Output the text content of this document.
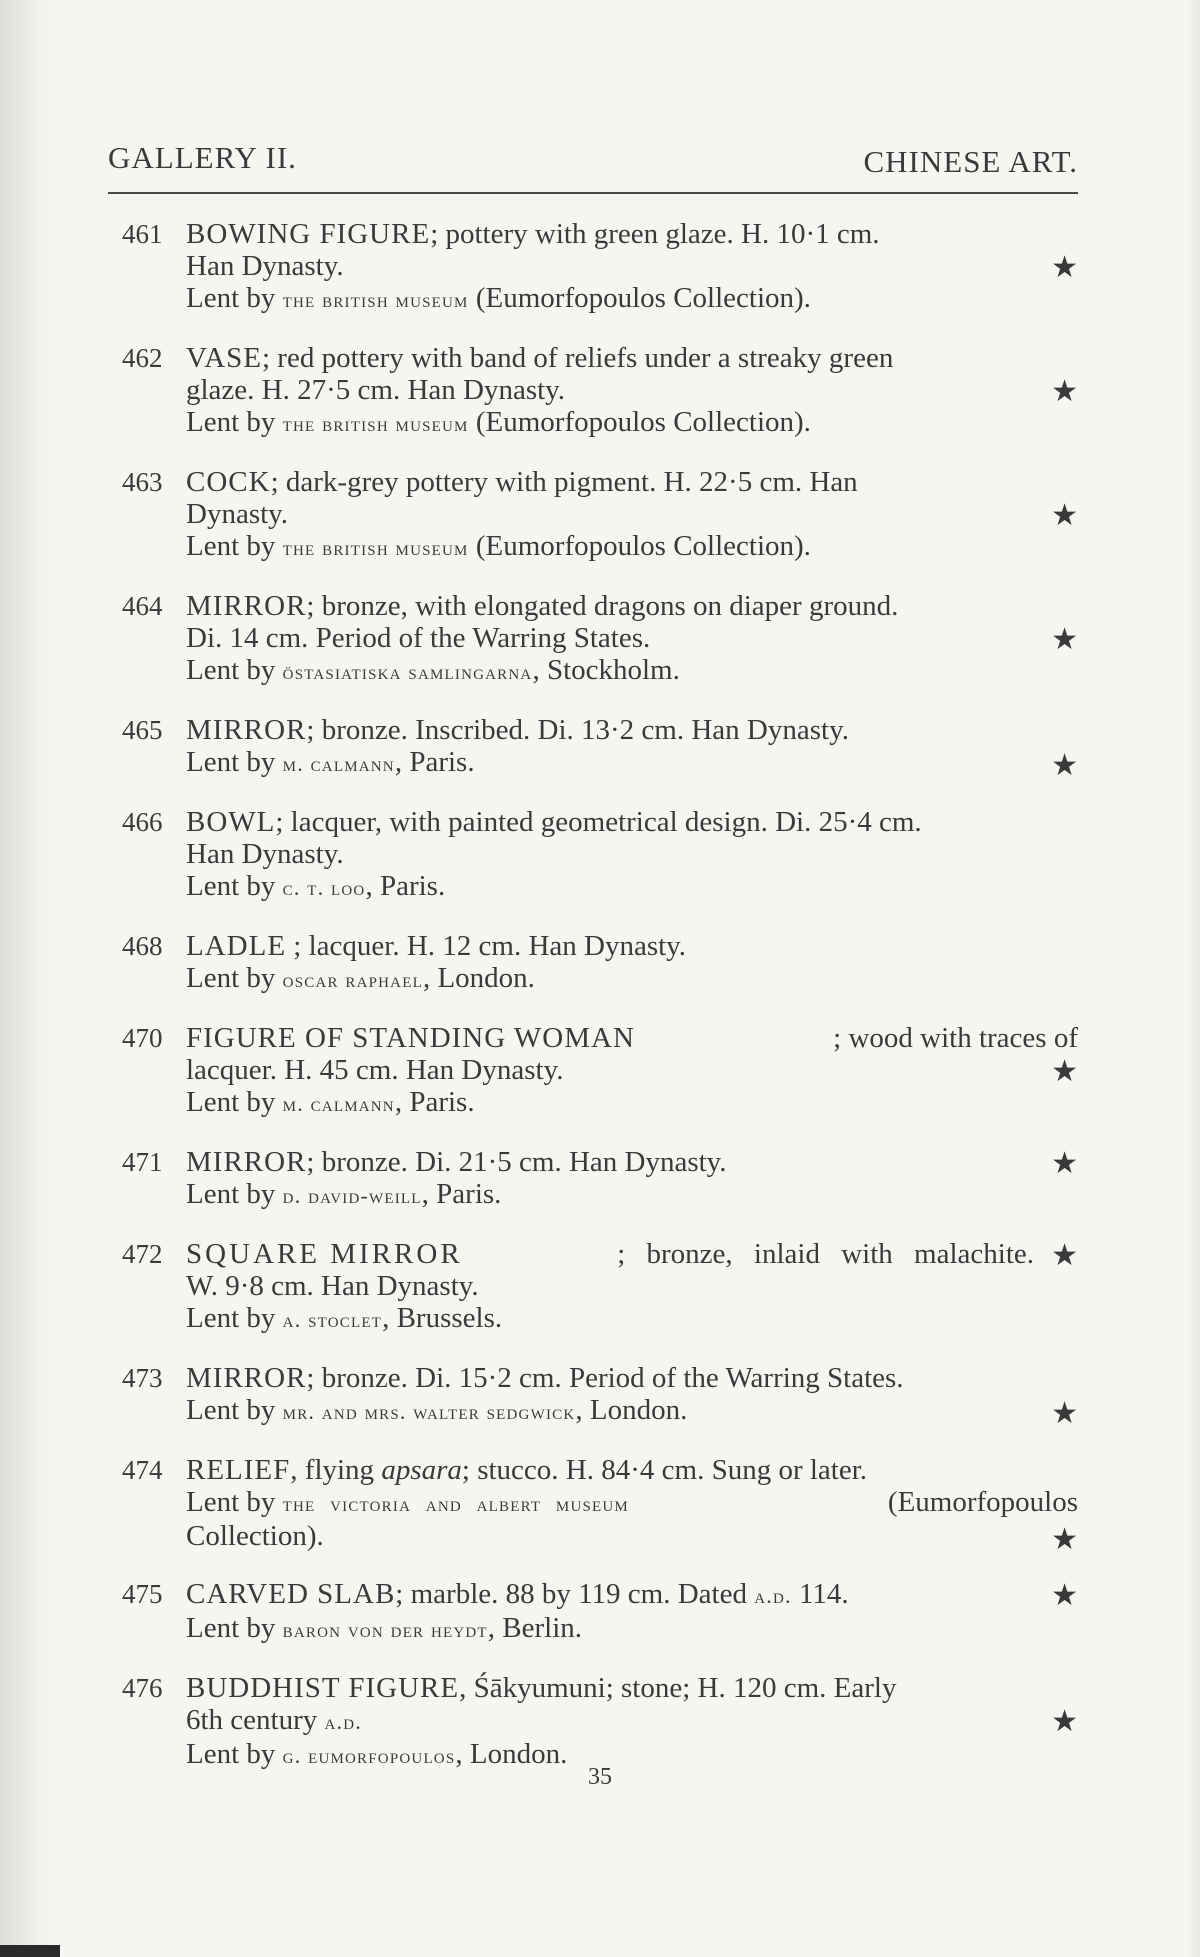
GALLERY II.	CHINESE ART.
461 BOWING FIGURE; pottery with green glaze. H. 10·1 cm.
Han Dynasty.	★
Lent by the british museum (Eumorfopoulos Collection).
462 VASE; red pottery with band of reliefs under a streaky green
glaze. H. 27·5 cm. Han Dynasty.	★
Lent by the british museum (Eumorfopoulos Collection).
463 COCK; dark-grey pottery with pigment. H. 22·5 cm. Han
Dynasty.	★
Lent by the british museum (Eumorfopoulos Collection).
464 MIRROR; bronze, with elongated dragons on diaper ground.
Di. 14 cm. Period of the Warring States.	★
Lent by östasiatiska samlingarna, Stockholm.
465 MIRROR; bronze. Inscribed. Di. 13·2 cm. Han Dynasty.
Lent by m. calmann, Paris.	★
466 BOWL; lacquer, with painted geometrical design. Di. 25·4 cm.
Han Dynasty.
Lent by c. t. loo, Paris.
468 LADLE ; lacquer. H. 12 cm. Han Dynasty.
Lent by oscar raphael, London.
470 FIGURE OF STANDING WOMAN	; wood with traces of
lacquer. H. 45 cm. Han Dynasty.	★
Lent by m. calmann, Paris.
471 MIRROR; bronze. Di. 21·5 cm. Han Dynasty.	★
Lent by d. david-weill, Paris.
472 SQUARE MIRROR	; bronze, inlaid with malachite. ★
W. 9·8 cm. Han Dynasty.
Lent by a. stoclet, Brussels.
473 MIRROR; bronze. Di. 15·2 cm. Period of the Warring States.
Lent by mr. and mrs. walter sedgwick, London.	★
474 RELIEF, flying apsara; stucco. H. 84·4 cm. Sung or later.
Lent by the victoria and albert museum	(Eumorfopoulos
Collection).	★
475 CARVED SLAB; marble. 88 by 119 cm. Dated a.d. 114.	★
Lent by baron von der heydt, Berlin.
476 BUDDHIST FIGURE, Śākyumuni; stone; H. 120 cm. Early
6th century a.d.	★
Lent by g. eumorfopoulos, London.
35
